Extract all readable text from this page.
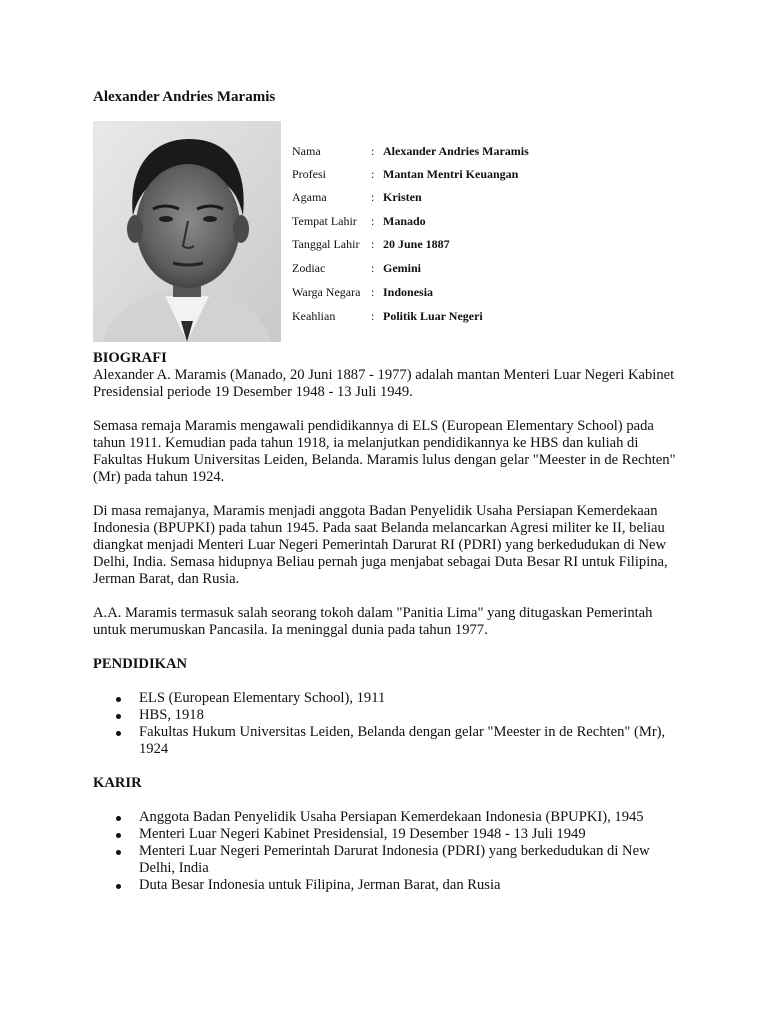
Alexander Andries Maramis
Nama	: Alexander Andries Maramis
Profesi	: Mantan Mentri Keuangan
Agama	: Kristen
Tempat Lahir : Manado
Tanggal Lahir : 20 June 1887
Zodiac	: Gemini
Warga Negara : Indonesia
Keahlian	: Politik Luar Negeri
BIOGRAFI

Alexander A. Maramis (Manado, 20 Juni 1887 - 1977) adalah mantan Menteri Luar Negeri Kabinet Presidensial periode 19 Desember 1948 - 13 Juli 1949.

Semasa remaja Maramis mengawali pendidikannya di ELS (European Elementary School) pada tahun 1911. Kemudian pada tahun 1918, ia melanjutkan pendidikannya ke HBS dan kuliah di Fakultas Hukum Universitas Leiden, Belanda. Maramis lulus dengan gelar "Meester in de Rechten" (Mr) pada tahun 1924.

Di masa remajanya, Maramis menjadi anggota Badan Penyelidik Usaha Persiapan Kemerdekaan Indonesia (BPUPKI) pada tahun 1945. Pada saat Belanda melancarkan Agresi militer ke II, beliau diangkat menjadi Menteri Luar Negeri Pemerintah Darurat RI (PDRI) yang berkedudukan di New Delhi, India. Semasa hidupnya Beliau pernah juga menjabat sebagai Duta Besar RI untuk Filipina, Jerman Barat, dan Rusia.

A.A. Maramis termasuk salah seorang tokoh dalam "Panitia Lima" yang ditugaskan Pemerintah untuk merumuskan Pancasila. Ia meninggal dunia pada tahun 1977.

PENDIDIKAN
ELS (European Elementary School), 1911
HBS, 1918
Fakultas Hukum Universitas Leiden, Belanda dengan gelar "Meester in de Rechten" (Mr), 1924
KARIR
Anggota Badan Penyelidik Usaha Persiapan Kemerdekaan Indonesia (BPUPKI), 1945
Menteri Luar Negeri Kabinet Presidensial, 19 Desember 1948 - 13 Juli 1949
Menteri Luar Negeri Pemerintah Darurat Indonesia (PDRI) yang berkedudukan di New Delhi, India
Duta Besar Indonesia untuk Filipina, Jerman Barat, dan Rusia
